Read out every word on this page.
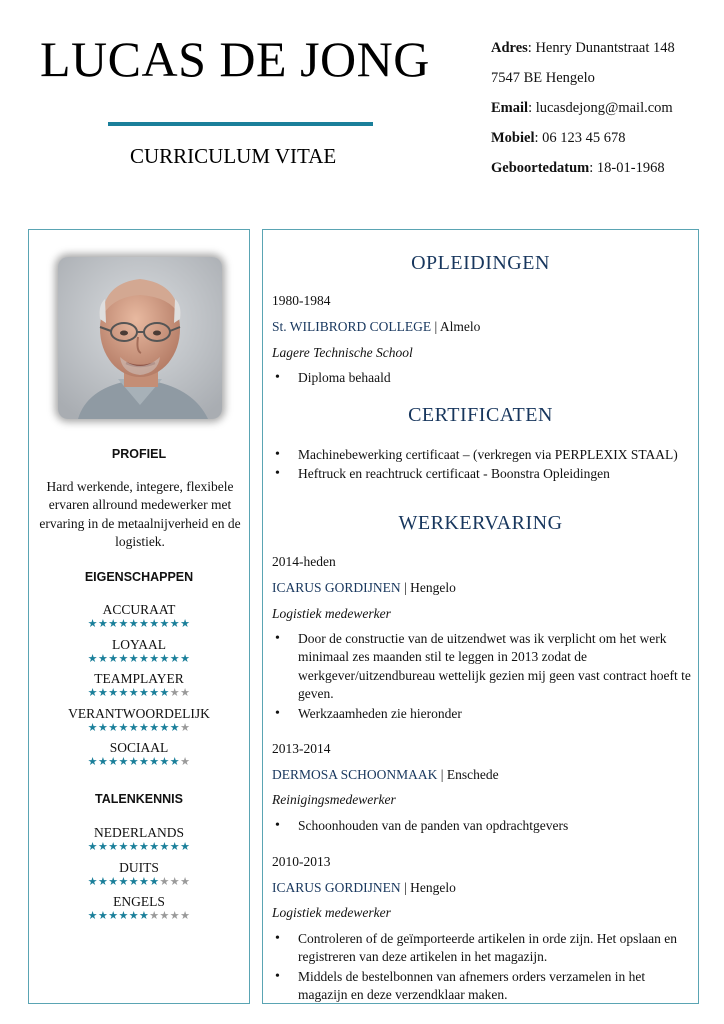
LUCAS DE JONG
CURRICULUM VITAE
Adres: Henry Dunantstraat 148
7547 BE Hengelo
Email: lucasdejong@mail.com
Mobiel: 06 123 45 678
Geboortedatum: 18-01-1968
PROFIEL
Hard werkende, integere, flexibele ervaren allround medewerker met ervaring in de metaalnijverheid en de logistiek.
EIGENSCHAPPEN
ACCURAAT
★★★★★★★★★★
LOYAAL
★★★★★★★★★★
TEAMPLAYER
★★★★★★★★★★
VERANTWOORDELIJK
★★★★★★★★★★
SOCIAAL
★★★★★★★★★★
TALENKENNIS
NEDERLANDS
★★★★★★★★★★
DUITS
★★★★★★★★★★
ENGELS
★★★★★★★★★★
OPLEIDINGEN
1980-1984
St. WILIBRORD COLLEGE | Almelo
Lagere Technische School
• Diploma behaald
CERTIFICATEN
• Machinebewerking certificaat – (verkregen via PERPLEXIX STAAL)
• Heftruck en reachtruck certificaat - Boonstra Opleidingen
WERKERVARING
2014-heden
ICARUS GORDIJNEN | Hengelo
Logistiek medewerker
• Door de constructie van de uitzendwet was ik verplicht om het werk minimaal zes maanden stil te leggen in 2013 zodat de werkgever/uitzendbureau wettelijk gezien mij geen vast contract hoeft te geven.
• Werkzaamheden zie hieronder
2013-2014
DERMOSA SCHOONMAAK | Enschede
Reinigingsmedewerker
• Schoonhouden van de panden van opdrachtgevers
2010-2013
ICARUS GORDIJNEN | Hengelo
Logistiek medewerker
• Controleren of de geïmporteerde artikelen in orde zijn. Het opslaan en registreren van deze artikelen in het magazijn.
• Middels de bestelbonnen van afnemers orders verzamelen in het magazijn en deze verzendklaar maken.
